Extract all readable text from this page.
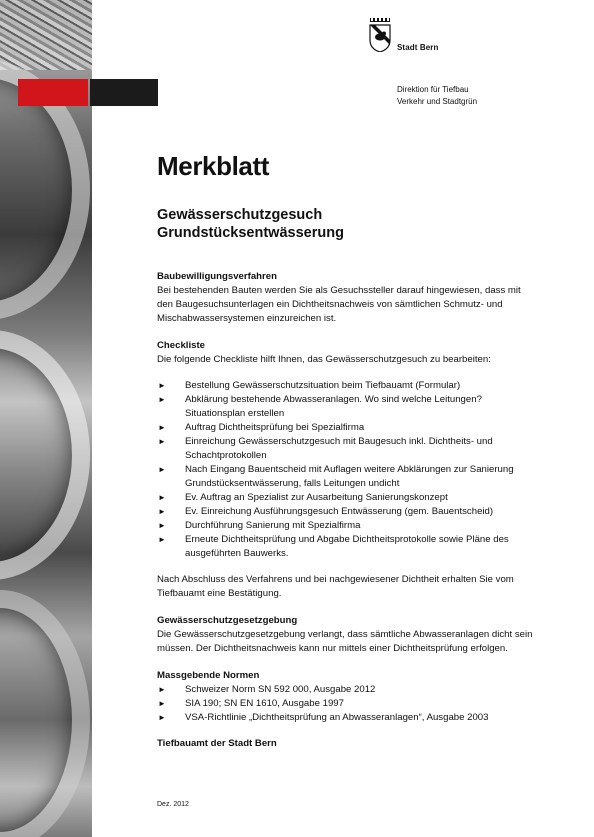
Stadt Bern
Direktion für Tiefbau
Verkehr und Stadtgrün
Merkblatt
Gewässerschutzgesuch
Grundstücksentwässerung
Baubewilligungsverfahren

Bei bestehenden Bauten werden Sie als Gesuchssteller darauf hingewiesen, dass mit den Baugesuchsunterlagen ein Dichtheitsnachweis von sämtlichen Schmutz- und Mischabwassersystemen einzureichen ist.

Checkliste

Die folgende Checkliste hilft Ihnen, das Gewässerschutzgesuch zu bearbeiten:

► Bestellung Gewässerschutzsituation beim Tiefbauamt (Formular)
► Abklärung bestehende Abwasseranlagen. Wo sind welche Leitungen? Situationsplan erstellen
► Auftrag Dichtheitsprüfung bei Spezialfirma
► Einreichung Gewässerschutzgesuch mit Baugesuch inkl. Dichtheits- und Schachtprotokollen
► Nach Eingang Bauentscheid mit Auflagen weitere Abklärungen zur Sanierung Grundstücksentwässerung, falls Leitungen undicht
► Ev. Auftrag an Spezialist zur Ausarbeitung Sanierungskonzept
► Ev. Einreichung Ausführungsgesuch Entwässerung (gem. Bauentscheid)
► Durchführung Sanierung mit Spezialfirma
► Erneute Dichtheitsprüfung und Abgabe Dichtheitsprotokolle sowie Pläne des ausgeführten Bauwerks.

Nach Abschluss des Verfahrens und bei nachgewiesener Dichtheit erhalten Sie vom Tiefbauamt eine Bestätigung.

Gewässerschutzgesetzgebung

Die Gewässerschutzgesetzgebung verlangt, dass sämtliche Abwasseranlagen dicht sein müssen. Der Dichtheitsnachweis kann nur mittels einer Dichtheitsprüfung erfolgen.

Massgebende Normen
► Schweizer Norm SN 592 000, Ausgabe 2012
► SIA 190; SN EN 1610, Ausgabe 1997
► VSA-Richtlinie „Dichtheitsprüfung an Abwasseranlagen“, Ausgabe 2003
Tiefbauamt der Stadt Bern
Dez. 2012
